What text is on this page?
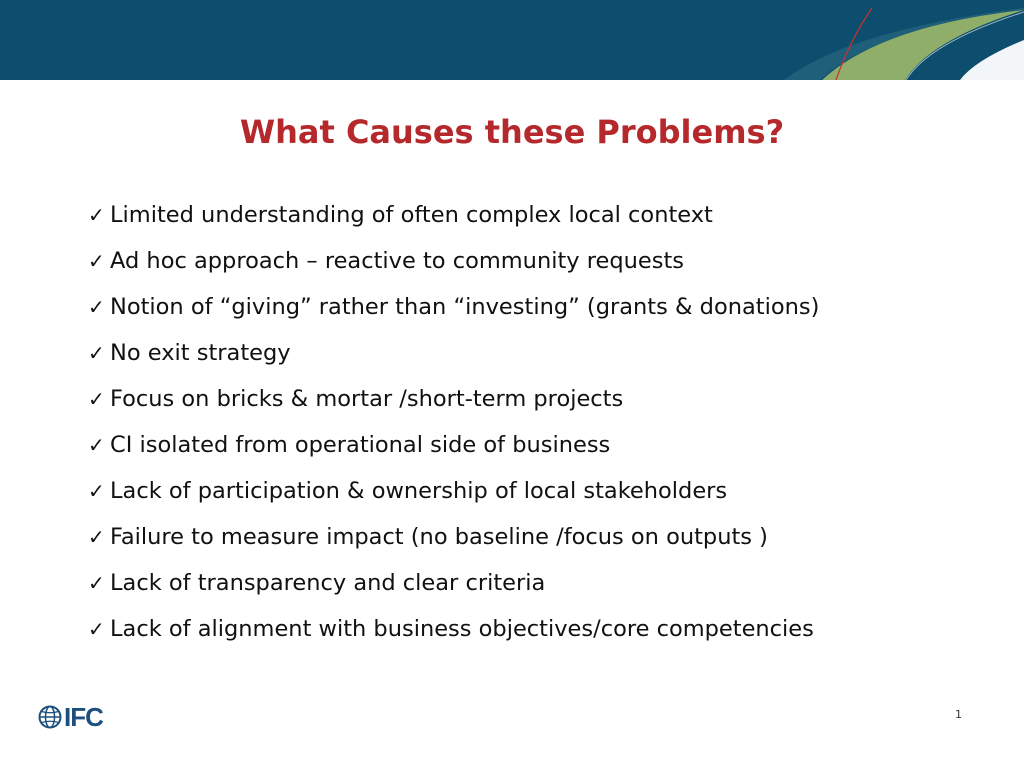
What Causes these Problems?
✓ Limited understanding of often complex local context
✓ Ad hoc approach – reactive to community requests
✓ Notion of “giving” rather than “investing” (grants & donations)
✓ No exit strategy
✓ Focus on bricks & mortar /short-term projects
✓ CI isolated from operational side of business
✓ Lack of participation & ownership of local stakeholders
✓ Failure to measure impact (no baseline /focus on outputs )
✓ Lack of transparency and clear criteria
✓ Lack of alignment with business objectives/core competencies
IFC	1
